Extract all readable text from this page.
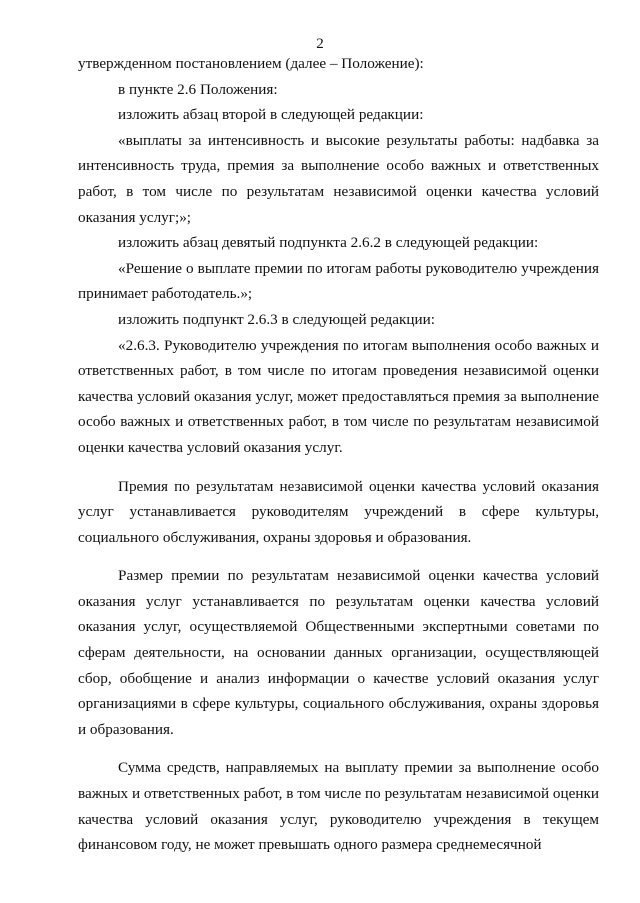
2

утвержденном постановлением (далее – Положение):

в пункте 2.6 Положения:

изложить абзац второй в следующей редакции:

«выплаты за интенсивность и высокие результаты работы: надбавка за интенсивность труда, премия за выполнение особо важных и ответственных работ, в том числе по результатам независимой оценки качества условий оказания услуг;»;

изложить абзац девятый подпункта 2.6.2 в следующей редакции:

«Решение о выплате премии по итогам работы руководителю учреждения принимает работодатель.»;

изложить подпункт 2.6.3 в следующей редакции:

«2.6.3. Руководителю учреждения по итогам выполнения особо важных и ответственных работ, в том числе по итогам проведения независимой оценки качества условий оказания услуг, может предоставляться премия за выполнение особо важных и ответственных работ, в том числе по результатам независимой оценки качества условий оказания услуг.

Премия по результатам независимой оценки качества условий оказания услуг устанавливается руководителям учреждений в сфере культуры, социального обслуживания, охраны здоровья и образования.

Размер премии по результатам независимой оценки качества условий оказания услуг устанавливается по результатам оценки качества условий оказания услуг, осуществляемой Общественными экспертными советами по сферам деятельности, на основании данных организации, осуществляющей сбор, обобщение и анализ информации о качестве условий оказания услуг организациями в сфере культуры, социального обслуживания, охраны здоровья и образования.

Сумма средств, направляемых на выплату премии за выполнение особо важных и ответственных работ, в том числе по результатам независимой оценки качества условий оказания услуг, руководителю учреждения в текущем финансовом году, не может превышать одного размера среднемесячной
